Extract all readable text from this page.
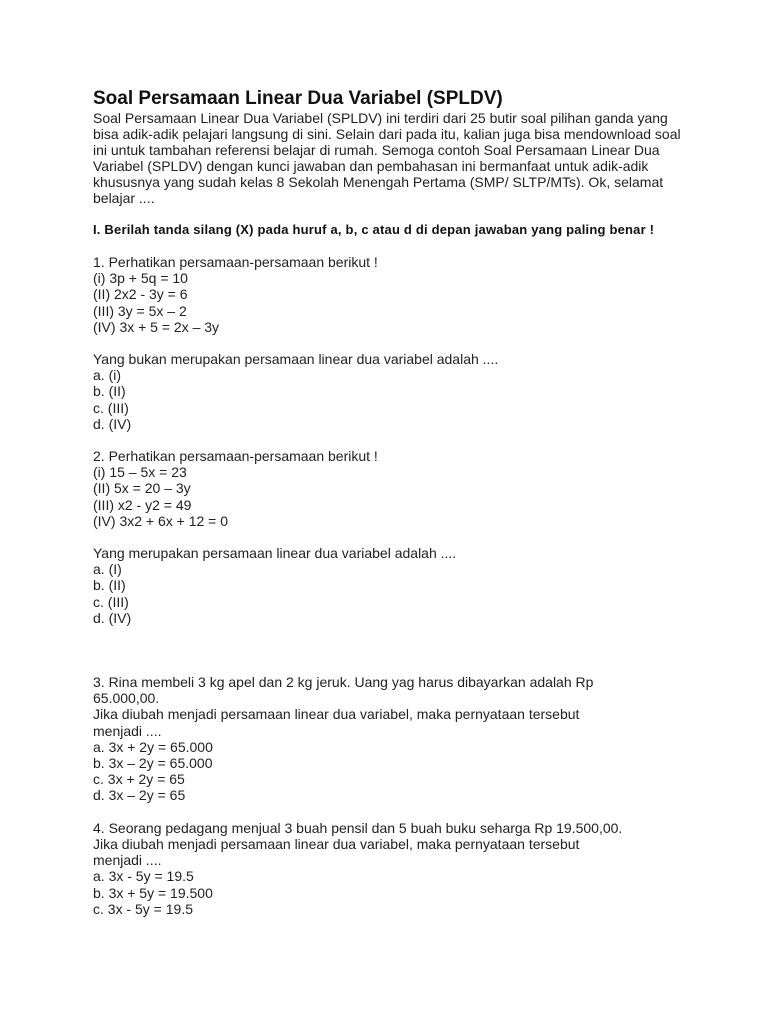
Soal Persamaan Linear Dua Variabel (SPLDV)

Soal Persamaan Linear Dua Variabel (SPLDV) ini terdiri dari 25 butir soal pilihan ganda yang bisa adik-adik pelajari langsung di sini. Selain dari pada itu, kalian juga bisa mendownload soal ini untuk tambahan referensi belajar di rumah. Semoga contoh Soal Persamaan Linear Dua Variabel (SPLDV) dengan kunci jawaban dan pembahasan ini bermanfaat untuk adik-adik khususnya yang sudah kelas 8 Sekolah Menengah Pertama (SMP/ SLTP/MTs). Ok, selamat belajar ....

I. Berilah tanda silang (X) pada huruf a, b, c atau d di depan jawaban yang paling benar !

1. Perhatikan persamaan-persamaan berikut !

(i) 3p + 5q = 10

(II) 2x2 - 3y = 6

(III) 3y = 5x – 2

(IV) 3x + 5 = 2x – 3y

Yang bukan merupakan persamaan linear dua variabel adalah ....

a. (i)

b. (II)

c. (III)

d. (IV)

2. Perhatikan persamaan-persamaan berikut !

(i) 15 – 5x = 23

(II) 5x = 20 – 3y

(III) x2 - y2 = 49

(IV) 3x2 + 6x + 12 = 0

Yang merupakan persamaan linear dua variabel adalah ....

a. (I)

b. (II)

c. (III)

d. (IV)

3. Rina membeli 3 kg apel dan 2 kg jeruk. Uang yag harus dibayarkan adalah Rp

65.000,00.

Jika diubah menjadi persamaan linear dua variabel, maka pernyataan tersebut

menjadi ....

a. 3x + 2y = 65.000

b. 3x – 2y = 65.000

c. 3x + 2y = 65

d. 3x – 2y = 65

4. Seorang pedagang menjual 3 buah pensil dan 5 buah buku seharga Rp 19.500,00.

Jika diubah menjadi persamaan linear dua variabel, maka pernyataan tersebut

menjadi ....

a. 3x - 5y = 19.5

b. 3x + 5y = 19.500

c. 3x - 5y = 19.5
